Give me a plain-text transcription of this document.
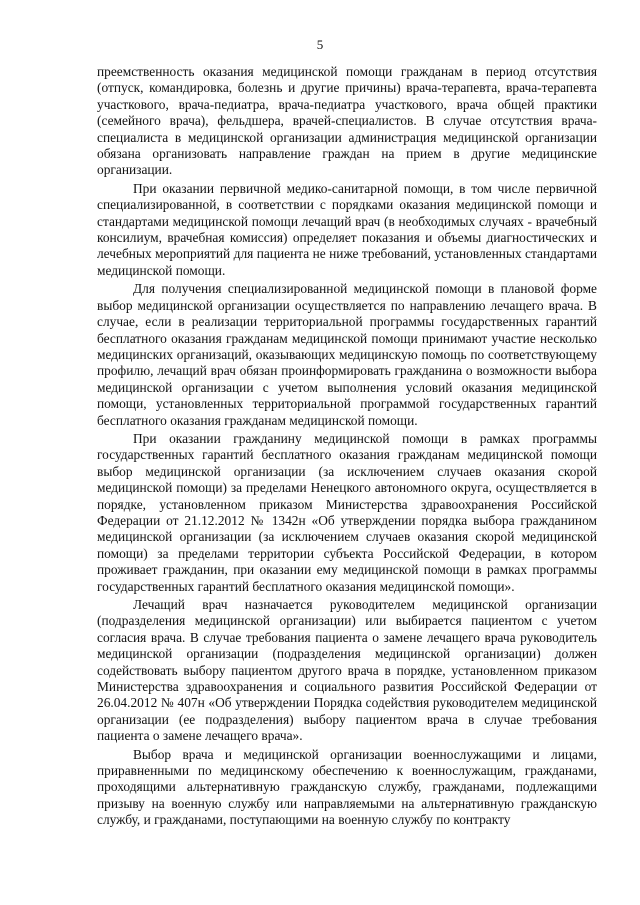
5

преемственность оказания медицинской помощи гражданам в период отсутствия (отпуск, командировка, болезнь и другие причины) врача-терапевта, врача-терапевта участкового, врача-педиатра, врача-педиатра участкового, врача общей практики (семейного врача), фельдшера, врачей-специалистов. В случае отсутствия врача-специалиста в медицинской организации администрация медицинской организации обязана организовать направление граждан на прием в другие медицинские организации.

При оказании первичной медико-санитарной помощи, в том числе первичной специализированной, в соответствии с порядками оказания медицинской помощи и стандартами медицинской помощи лечащий врач (в необходимых случаях - врачебный консилиум, врачебная комиссия) определяет показания и объемы диагностических и лечебных мероприятий для пациента не ниже требований, установленных стандартами медицинской помощи.

Для получения специализированной медицинской помощи в плановой форме выбор медицинской организации осуществляется по направлению лечащего врача. В случае, если в реализации территориальной программы государственных гарантий бесплатного оказания гражданам медицинской помощи принимают участие несколько медицинских организаций, оказывающих медицинскую помощь по соответствующему профилю, лечащий врач обязан проинформировать гражданина о возможности выбора медицинской организации с учетом выполнения условий оказания медицинской помощи, установленных территориальной программой государственных гарантий бесплатного оказания гражданам медицинской помощи.

При оказании гражданину медицинской помощи в рамках программы государственных гарантий бесплатного оказания гражданам медицинской помощи выбор медицинской организации (за исключением случаев оказания скорой медицинской помощи) за пределами Ненецкого автономного округа, осуществляется в порядке, установленном приказом Министерства здравоохранения Российской Федерации от 21.12.2012 № 1342н «Об утверждении порядка выбора гражданином медицинской организации (за исключением случаев оказания скорой медицинской помощи) за пределами территории субъекта Российской Федерации, в котором проживает гражданин, при оказании ему медицинской помощи в рамках программы государственных гарантий бесплатного оказания медицинской помощи».

Лечащий врач назначается руководителем медицинской организации (подразделения медицинской организации) или выбирается пациентом с учетом согласия врача. В случае требования пациента о замене лечащего врача руководитель медицинской организации (подразделения медицинской организации) должен содействовать выбору пациентом другого врача в порядке, установленном приказом Министерства здравоохранения и социального развития Российской Федерации от 26.04.2012 № 407н «Об утверждении Порядка содействия руководителем медицинской организации (ее подразделения) выбору пациентом врача в случае требования пациента о замене лечащего врача».

Выбор врача и медицинской организации военнослужащими и лицами, приравненными по медицинскому обеспечению к военнослужащим, гражданами, проходящими альтернативную гражданскую службу, гражданами, подлежащими призыву на военную службу или направляемыми на альтернативную гражданскую службу, и гражданами, поступающими на военную службу по контракту
